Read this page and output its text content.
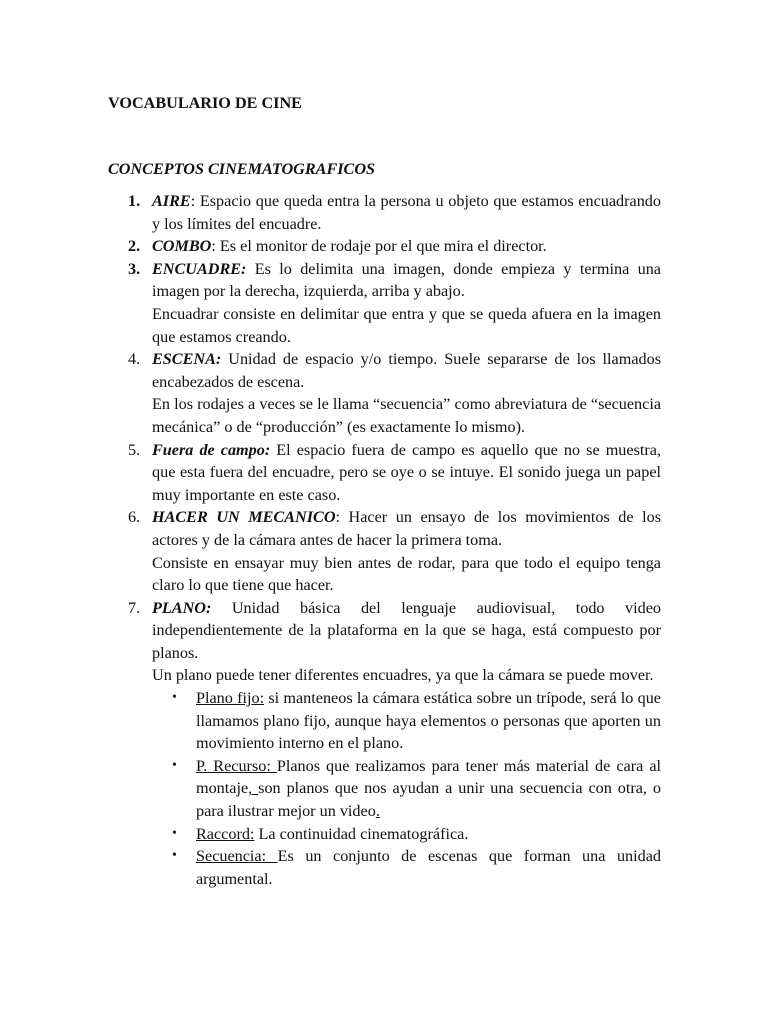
VOCABULARIO DE CINE
CONCEPTOS CINEMATOGRAFICOS
1. AIRE: Espacio que queda entra la persona u objeto que estamos encuadrando y los límites del encuadre.
2. COMBO: Es el monitor de rodaje por el que mira el director.
3. ENCUADRE: Es lo delimita una imagen, donde empieza y termina una imagen por la derecha, izquierda, arriba y abajo.
Encuadrar consiste en delimitar que entra y que se queda afuera en la imagen que estamos creando.
4. ESCENA: Unidad de espacio y/o tiempo. Suele separarse de los llamados encabezados de escena.
En los rodajes a veces se le llama “secuencia” como abreviatura de “secuencia mecánica” o de “producción” (es exactamente lo mismo).
5. Fuera de campo: El espacio fuera de campo es aquello que no se muestra, que esta fuera del encuadre, pero se oye o se intuye. El sonido juega un papel muy importante en este caso.
6. HACER UN MECANICO: Hacer un ensayo de los movimientos de los actores y de la cámara antes de hacer la primera toma.
Consiste en ensayar muy bien antes de rodar, para que todo el equipo tenga claro lo que tiene que hacer.
7. PLANO: Unidad básica del lenguaje audiovisual, todo video independientemente de la plataforma en la que se haga, está compuesto por planos.
Un plano puede tener diferentes encuadres, ya que la cámara se puede mover.
• Plano fijo: si manteneos la cámara estática sobre un trípode, será lo que llamamos plano fijo, aunque haya elementos o personas que aporten un movimiento interno en el plano.
• P. Recurso: Planos que realizamos para tener más material de cara al montaje, son planos que nos ayudan a unir una secuencia con otra, o para ilustrar mejor un video.
• Raccord: La continuidad cinematográfica.
• Secuencia: Es un conjunto de escenas que forman una unidad argumental.
